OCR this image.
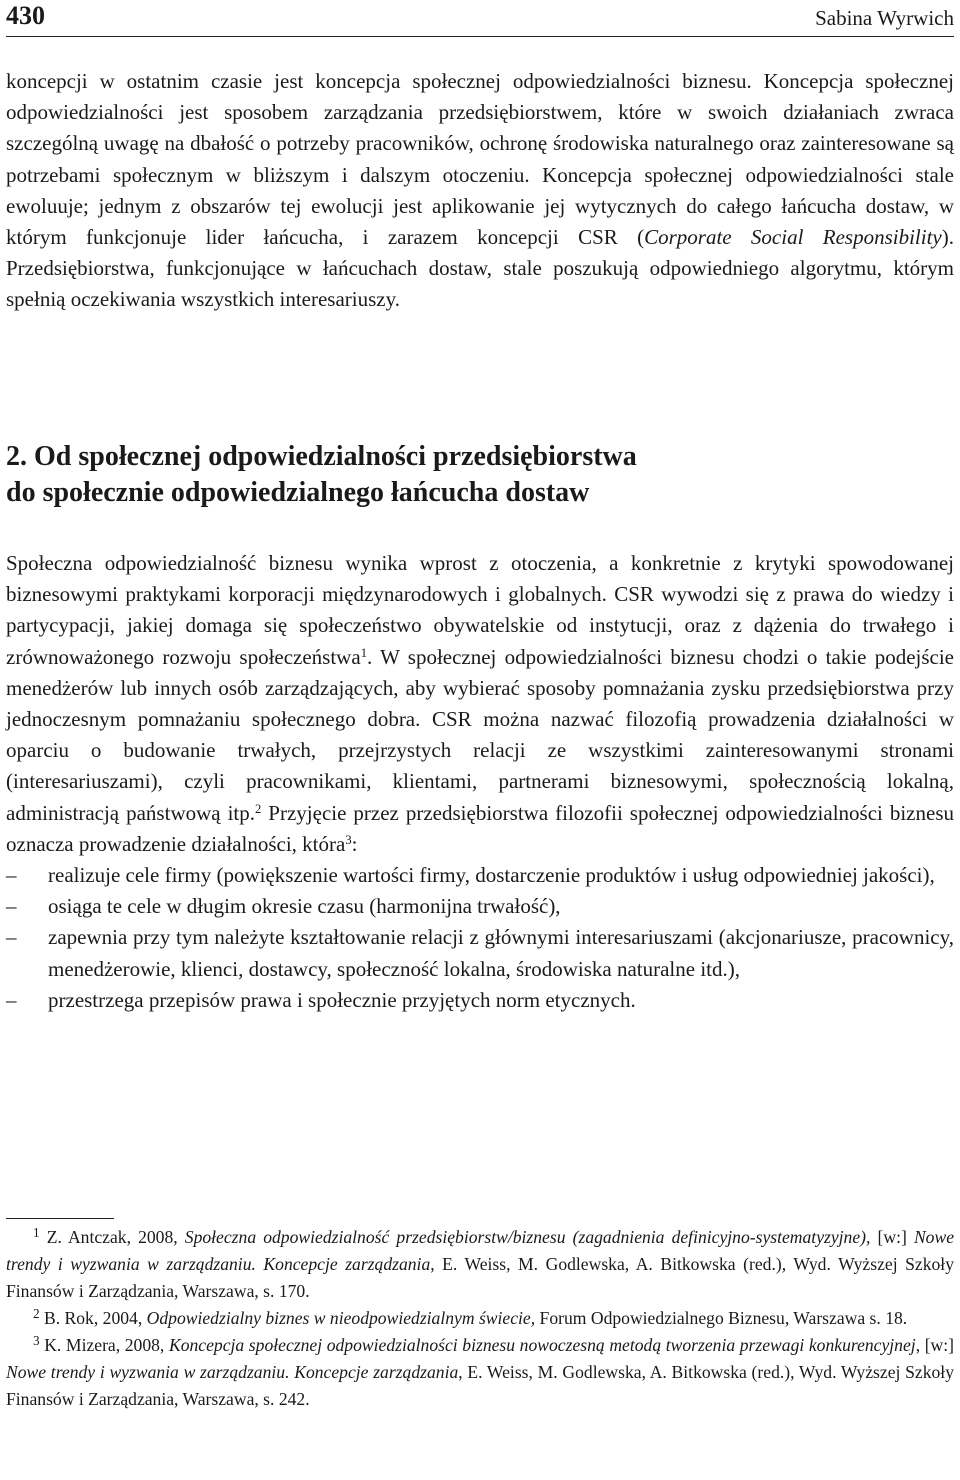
430	Sabina Wyrwich

koncepcji w ostatnim czasie jest koncepcja społecznej odpowiedzialności biznesu. Koncepcja społecznej odpowiedzialności jest sposobem zarządzania przedsiębiorstwem, które w swoich działaniach zwraca szczególną uwagę na dbałość o potrzeby pracowników, ochronę środowiska naturalnego oraz zainteresowane są potrzebami społecznym w bliższym i dalszym otoczeniu. Koncepcja społecznej odpowiedzialności stale ewoluuje; jednym z obszarów tej ewolucji jest aplikowanie jej wytycznych do całego łańcucha dostaw, w którym funkcjonuje lider łańcucha, i zarazem koncepcji CSR (Corporate Social Responsibility). Przedsiębiorstwa, funkcjonujące w łańcuchach dostaw, stale poszukują odpowiedniego algorytmu, którym spełnią oczekiwania wszystkich interesariuszy.

2. Od społecznej odpowiedzialności przedsiębiorstwa
do społecznie odpowiedzialnego łańcucha dostaw

Społeczna odpowiedzialność biznesu wynika wprost z otoczenia, a konkretnie z krytyki spowodowanej biznesowymi praktykami korporacji międzynarodowych i globalnych. CSR wywodzi się z prawa do wiedzy i partycypacji, jakiej domaga się społeczeństwo obywatelskie od instytucji, oraz z dążenia do trwałego i zrównoważonego rozwoju społeczeństwa$^1$. W społecznej odpowiedzialności biznesu chodzi o takie podejście menedżerów lub innych osób zarządzających, aby wybierać sposoby pomnażania zysku przedsiębiorstwa przy jednoczesnym pomnażaniu społecznego dobra. CSR można nazwać filozofią prowadzenia działalności w oparciu o budowanie trwałych, przejrzystych relacji ze wszystkimi zainteresowanymi stronami (interesariuszami), czyli pracownikami, klientami, partnerami biznesowymi, społecznością lokalną, administracją państwową itp.$^2$ Przyjęcie przez przedsiębiorstwa filozofii społecznej odpowiedzialności biznesu oznacza prowadzenie działalności, która$^3$:

– realizuje cele firmy (powiększenie wartości firmy, dostarczenie produktów i usług odpowiedniej jakości),
– osiąga te cele w długim okresie czasu (harmonijna trwałość),
– zapewnia przy tym należyte kształtowanie relacji z głównymi interesariuszami (akcjonariusze, pracownicy, menedżerowie, klienci, dostawcy, społeczność lokalna, środowiska naturalne itd.),
– przestrzega przepisów prawa i społecznie przyjętych norm etycznych.

$^1$ Z. Antczak, 2008, Społeczna odpowiedzialność przedsiębiorstw/biznesu (zagadnienia definicyjno-systematyzyjne), [w:] Nowe trendy i wyzwania w zarządzaniu. Koncepcje zarządzania, E. Weiss, M. Godlewska, A. Bitkowska (red.), Wyd. Wyższej Szkoły Finansów i Zarządzania, Warszawa, s. 170.

$^2$ B. Rok, 2004, Odpowiedzialny biznes w nieodpowiedzialnym świecie, Forum Odpowiedzialnego Biznesu, Warszawa s. 18.

$^3$ K. Mizera, 2008, Koncepcja społecznej odpowiedzialności biznesu nowoczesną metodą tworzenia przewagi konkurencyjnej, [w:] Nowe trendy i wyzwania w zarządzaniu. Koncepcje zarządzania, E. Weiss, M. Godlewska, A. Bitkowska (red.), Wyd. Wyższej Szkoły Finansów i Zarządzania, Warszawa, s. 242.
